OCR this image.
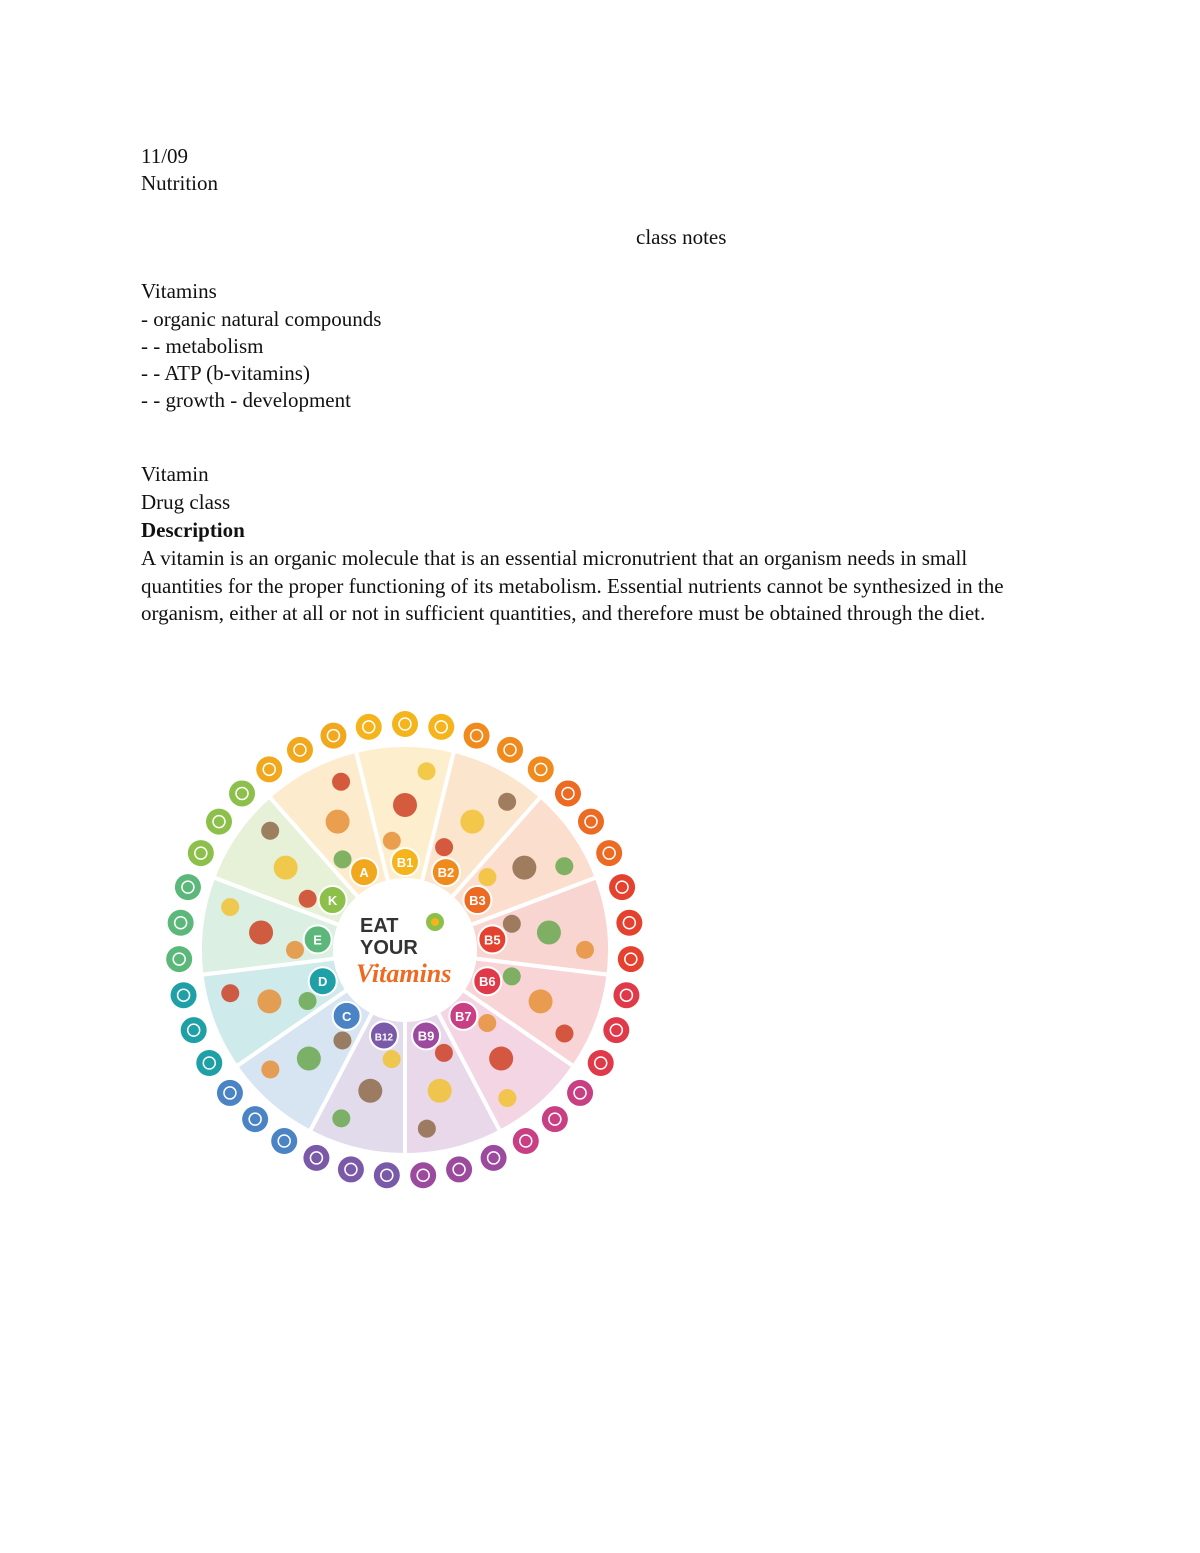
11/09

Nutrition

class notes

Vitamins

- organic natural compounds

- - metabolism

- - ATP (b-vitamins)

- - growth - development

Vitamin

Drug class

Description

A vitamin is an organic molecule that is an essential micronutrient that an organism needs in small quantities for the proper functioning of its metabolism. Essential nutrients cannot be synthesized in the organism, either at all or not in sufficient quantities, and therefore must be obtained through the diet.

A
B1
B2
B3
B5
B6
B7
B9
B12
C
D
E
K
EAT
YOUR
Vitamins
